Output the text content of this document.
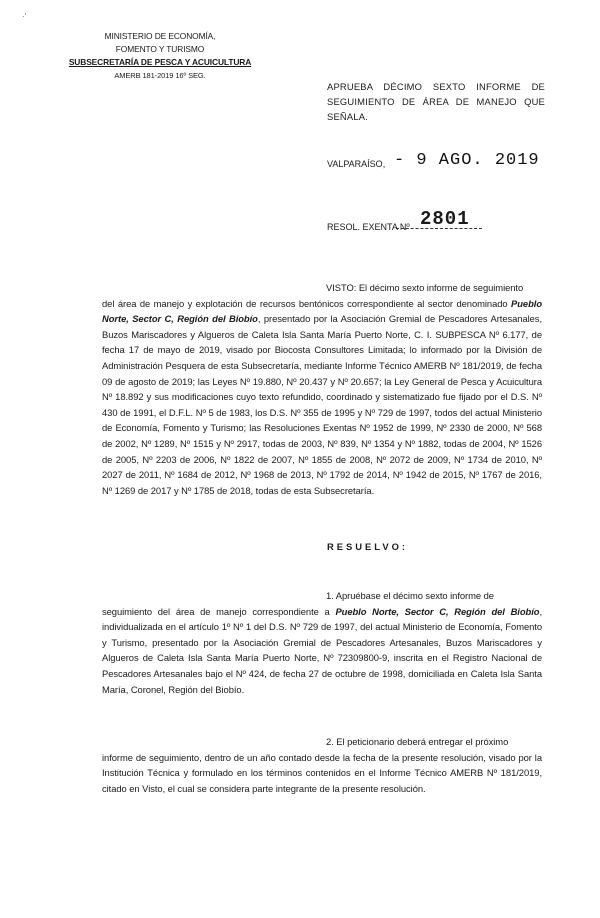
·'
MINISTERIO DE ECONOMÍA,
FOMENTO Y TURISMO
SUBSECRETARÍA DE PESCA Y ACUICULTURA
AMERB 181-2019 16º SEG.
APRUEBA DÉCIMO SEXTO INFORME DE
SEGUIMIENTO DE ÁREA DE MANEJO QUE SEÑALA.
VALPARAÍSO, - 9 AGO. 2019
RESOL. EXENTA Nº 2801
VISTO: El décimo sexto informe de seguimiento
del área de manejo y explotación de recursos bentónicos correspondiente al sector denominado Pueblo Norte, Sector C, Región del Biobío, presentado por la Asociación Gremial de Pescadores Artesanales, Buzos Mariscadores y Algueros de Caleta Isla Santa María Puerto Norte, C. I. SUBPESCA Nº 6.177, de fecha 17 de mayo de 2019, visado por Biocosta Consultores Limitada; lo informado por la División de Administración Pesquera de esta Subsecretaría, mediante Informe Técnico AMERB Nº 181/2019, de fecha 09 de agosto de 2019; las Leyes Nº 19.880, Nº 20.437 y Nº 20.657; la Ley General de Pesca y Acuicultura Nº 18.892 y sus modificaciones cuyo texto refundido, coordinado y sistematizado fue fijado por el D.S. Nº 430 de 1991, el D.F.L. Nº 5 de 1983, los D.S. Nº 355 de 1995 y Nº 729 de 1997, todos del actual Ministerio de Economía, Fomento y Turismo; las Resoluciones Exentas Nº 1952 de 1999, Nº 2330 de 2000, Nº 568 de 2002, Nº 1289, Nº 1515 y Nº 2917, todas de 2003, Nº 839, Nº 1354 y Nº 1882, todas de 2004, Nº 1526 de 2005, Nº 2203 de 2006, Nº 1822 de 2007, Nº 1855 de 2008, Nº 2072 de 2009, Nº 1734 de 2010, Nº 2027 de 2011, Nº 1684 de 2012, Nº 1968 de 2013, Nº 1792 de 2014, Nº 1942 de 2015, Nº 1767 de 2016, Nº 1269 de 2017 y Nº 1785 de 2018, todas de esta Subsecretaría.
RESUELVO:
1. Apruébase el décimo sexto informe de
seguimiento del área de manejo correspondiente a Pueblo Norte, Sector C, Región del Biobío, individualizada en el artículo 1º Nº 1 del D.S. Nº 729 de 1997, del actual Ministerio de Economía, Fomento y Turismo, presentado por la Asociación Gremial de Pescadores Artesanales, Buzos Mariscadores y Algueros de Caleta Isla Santa María Puerto Norte, Nº 72309800-9, inscrita en el Registro Nacional de Pescadores Artesanales bajo el Nº 424, de fecha 27 de octubre de 1998, domiciliada en Caleta Isla Santa María, Coronel, Región del Biobío.
2. El peticionario deberá entregar el próximo
informe de seguimiento, dentro de un año contado desde la fecha de la presente resolución, visado por la Institución Técnica y formulado en los términos contenidos en el Informe Técnico AMERB Nº 181/2019, citado en Visto, el cual se considera parte integrante de la presente resolución.
